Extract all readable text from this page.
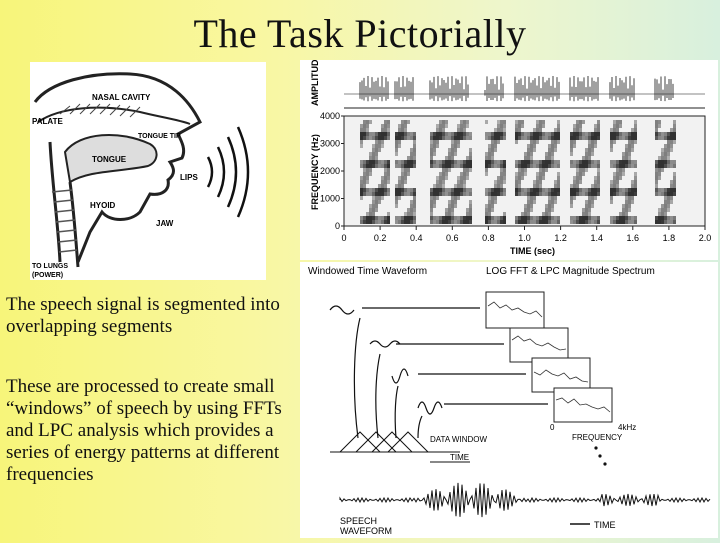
The Task Pictorially
NASAL CAVITY
PALATE
TONGUE TIP
TONGUE
LIPS
HYOID
JAW
TO LUNGS
(POWER)
AMPLITUDE
FREQUENCY (Hz)
4000
3000
2000
1000
0
0	0.2	0.4	0.6	0.8	1.0	1.2	1.4	1.6	1.8	2.0
TIME (sec)
Windowed Time Waveform	LOG FFT & LPC Magnitude Spectrum
DATA WINDOW
TIME
0	4kHz
FREQUENCY
SPEECH
WAVEFORM
TIME
The speech signal is segmented into overlapping segments
These are processed to create small “windows” of speech by using FFTs and LPC analysis which provides a series of energy patterns at different frequencies
